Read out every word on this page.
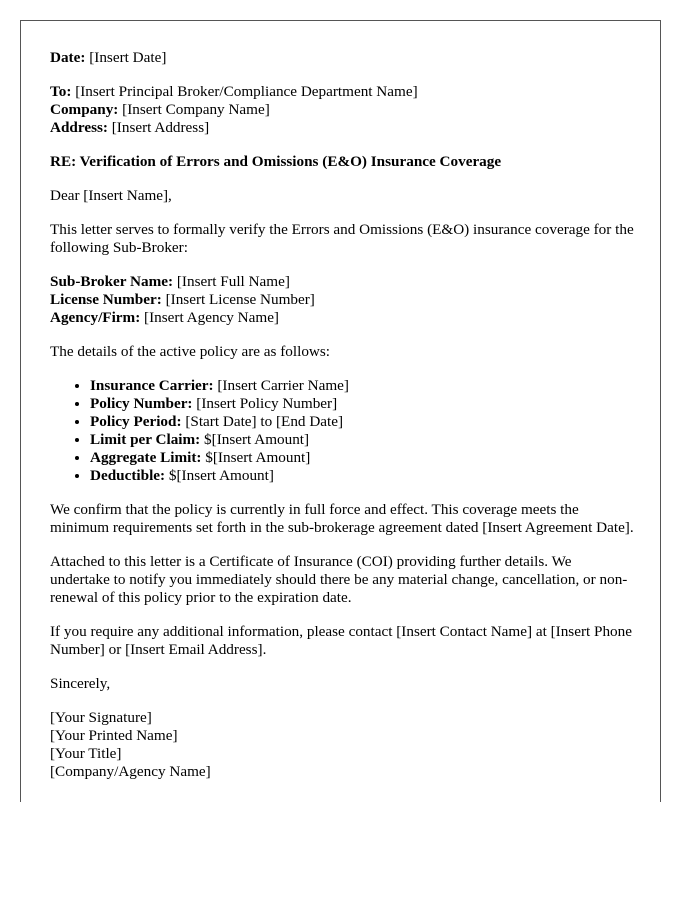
Date: [Insert Date]
To: [Insert Principal Broker/Compliance Department Name]
Company: [Insert Company Name]
Address: [Insert Address]
RE: Verification of Errors and Omissions (E&O) Insurance Coverage
Dear [Insert Name],
This letter serves to formally verify the Errors and Omissions (E&O) insurance coverage for the following Sub-Broker:
Sub-Broker Name: [Insert Full Name]
License Number: [Insert License Number]
Agency/Firm: [Insert Agency Name]
The details of the active policy are as follows:
• Insurance Carrier: [Insert Carrier Name]
• Policy Number: [Insert Policy Number]
• Policy Period: [Start Date] to [End Date]
• Limit per Claim: $[Insert Amount]
• Aggregate Limit: $[Insert Amount]
• Deductible: $[Insert Amount]
We confirm that the policy is currently in full force and effect. This coverage meets the minimum requirements set forth in the sub-brokerage agreement dated [Insert Agreement Date].
Attached to this letter is a Certificate of Insurance (COI) providing further details. We undertake to notify you immediately should there be any material change, cancellation, or non-renewal of this policy prior to the expiration date.
If you require any additional information, please contact [Insert Contact Name] at [Insert Phone Number] or [Insert Email Address].
Sincerely,
[Your Signature]
[Your Printed Name]
[Your Title]
[Company/Agency Name]
